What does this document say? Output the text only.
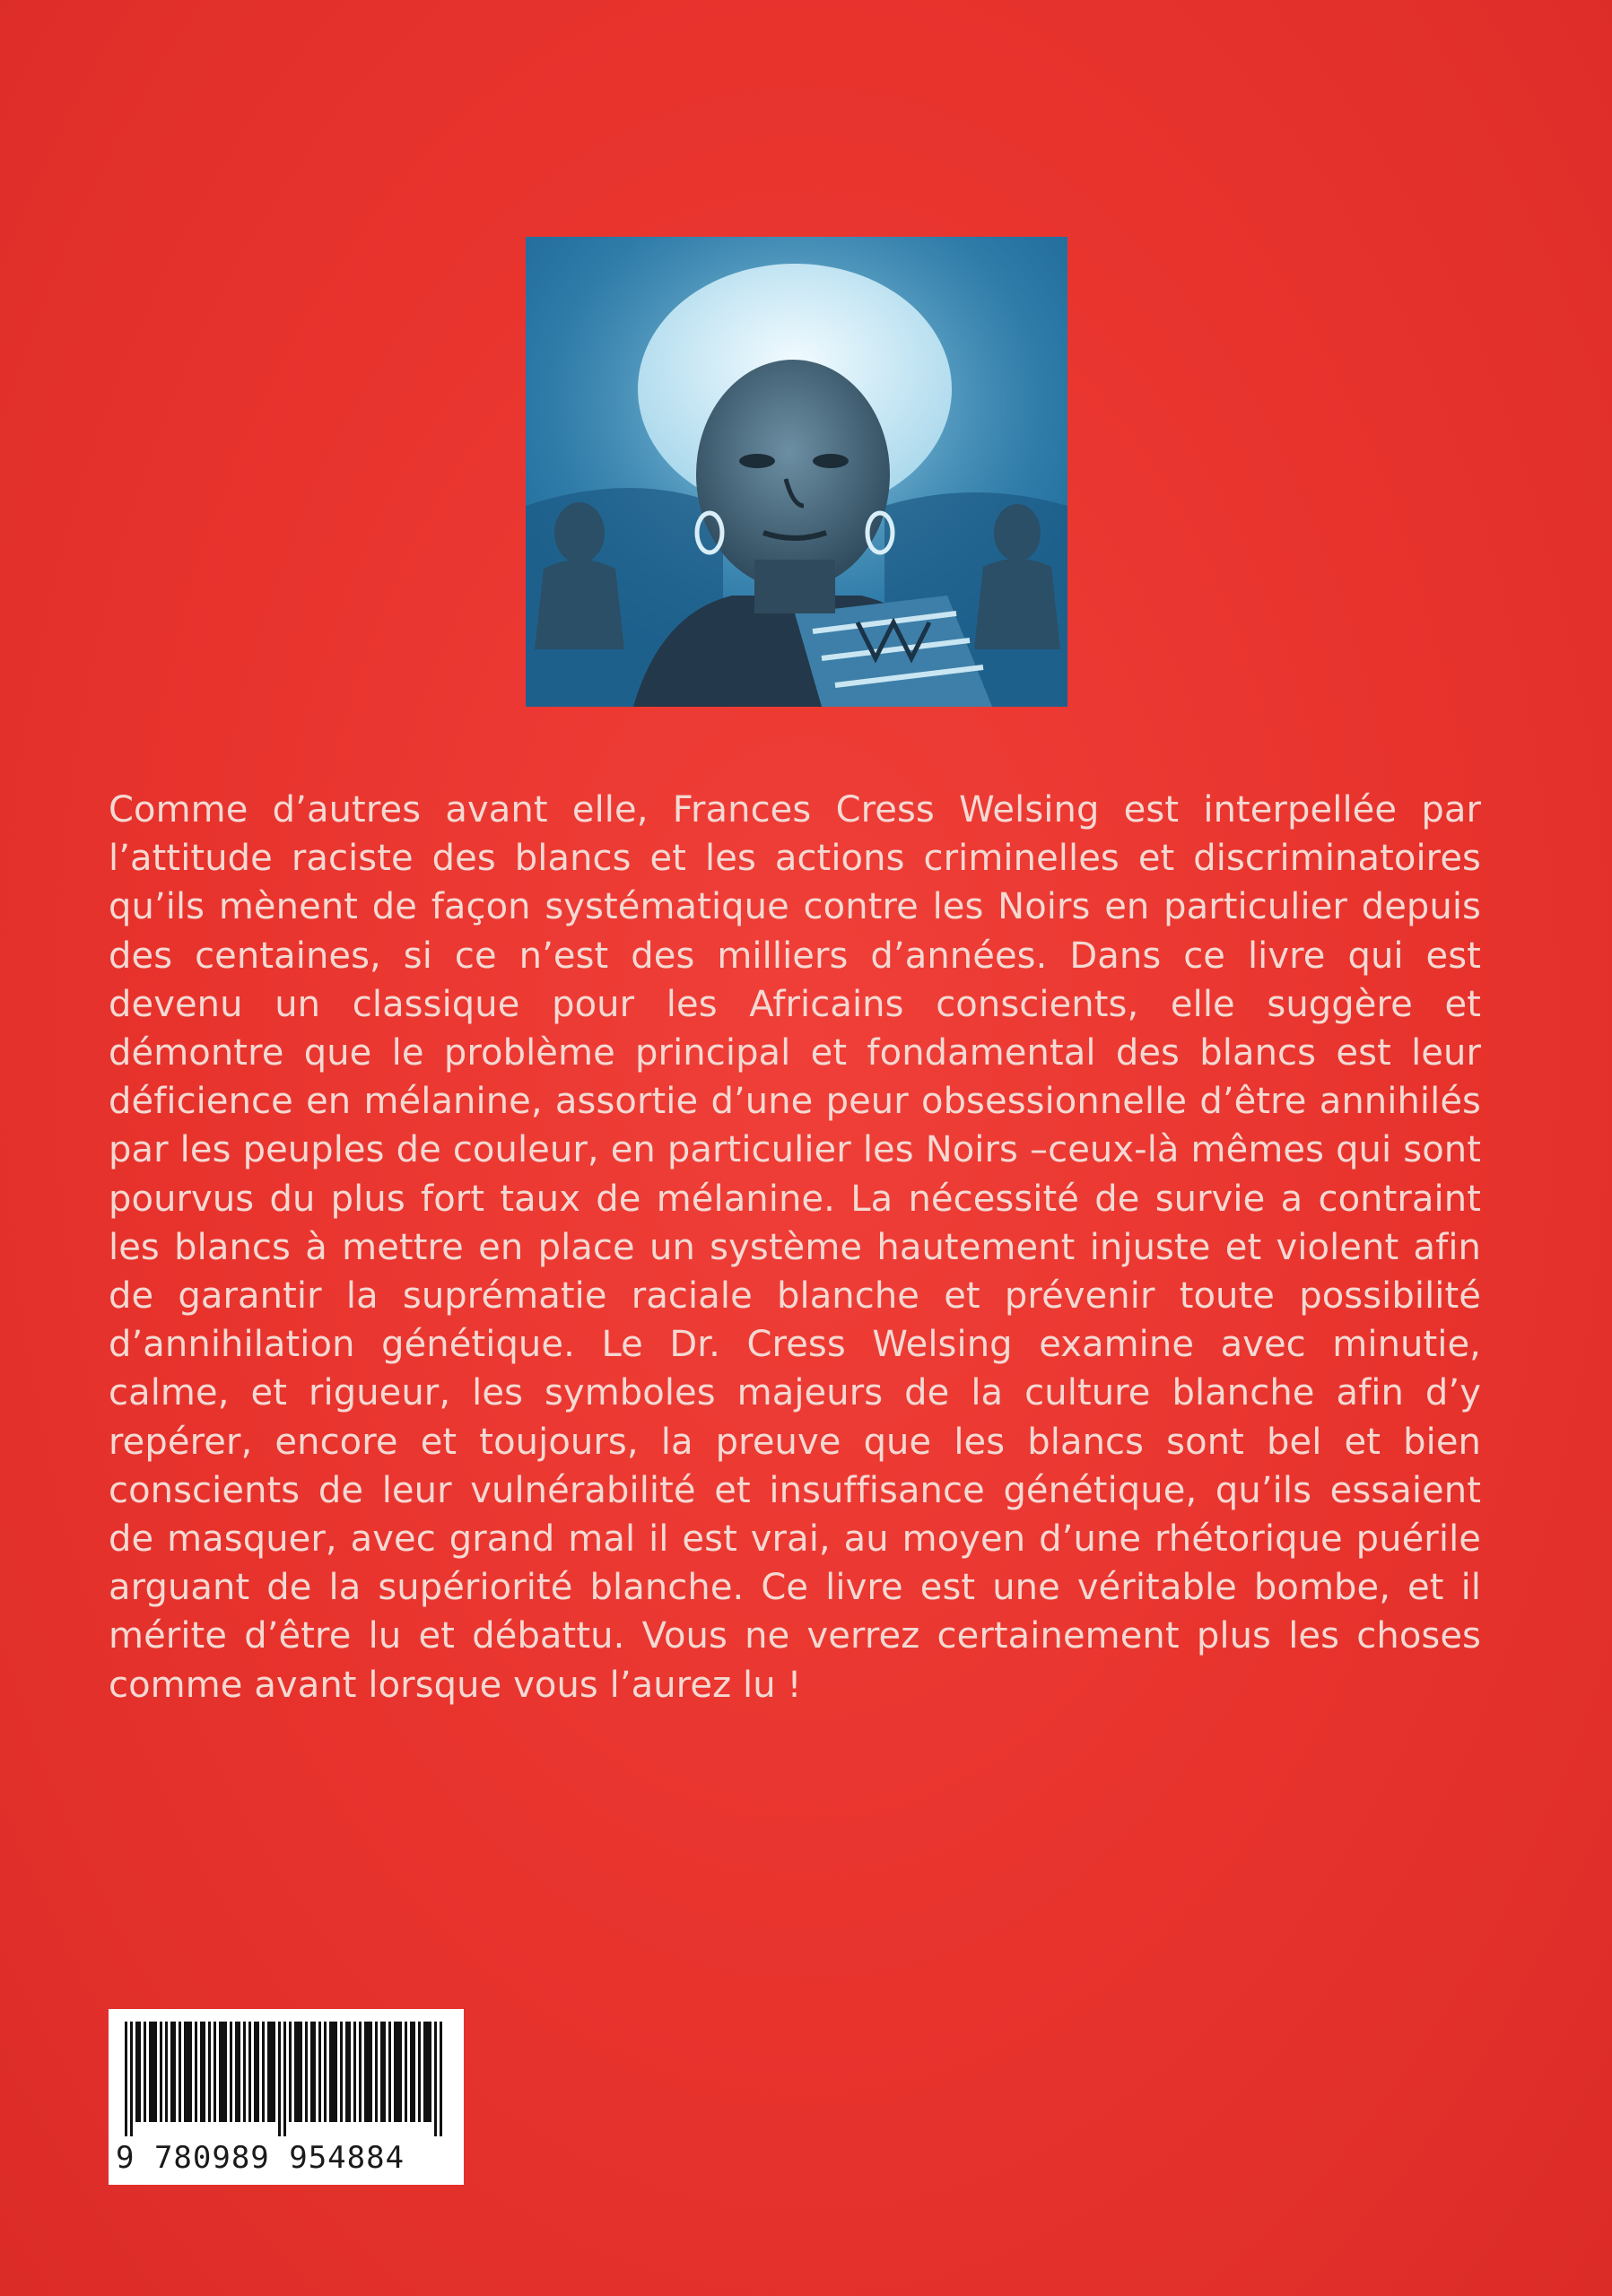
Comme d’autres avant elle, Frances Cress Welsing est interpellée par l’attitude raciste des blancs et les actions criminelles et discriminatoires qu’ils mènent de façon systématique contre les Noirs en particulier depuis des centaines, si ce n’est des milliers d’années. Dans ce livre qui est devenu un classique pour les Africains conscients, elle suggère et démontre que le problème principal et fondamental des blancs est leur déficience en mélanine, assortie d’une peur obsessionnelle d’être annihilés par les peuples de couleur, en particulier les Noirs –ceux-là mêmes qui sont pourvus du plus fort taux de mélanine. La nécessité de survie a contraint les blancs à mettre en place un système hautement injuste et violent afin de garantir la suprématie raciale blanche et prévenir toute possibilité d’annihilation génétique. Le Dr. Cress Welsing examine avec minutie, calme, et rigueur, les symboles majeurs de la culture blanche afin d’y repérer, encore et toujours, la preuve que les blancs sont bel et bien conscients de leur vulnérabilité et insuffisance génétique, qu’ils essaient de masquer, avec grand mal il est vrai, au moyen d’une rhétorique puérile arguant de la supériorité blanche. Ce livre est une véritable bombe, et il mérite d’être lu et débattu. Vous ne verrez certainement plus les choses comme avant lorsque vous l’aurez lu !

9 780989 954884
